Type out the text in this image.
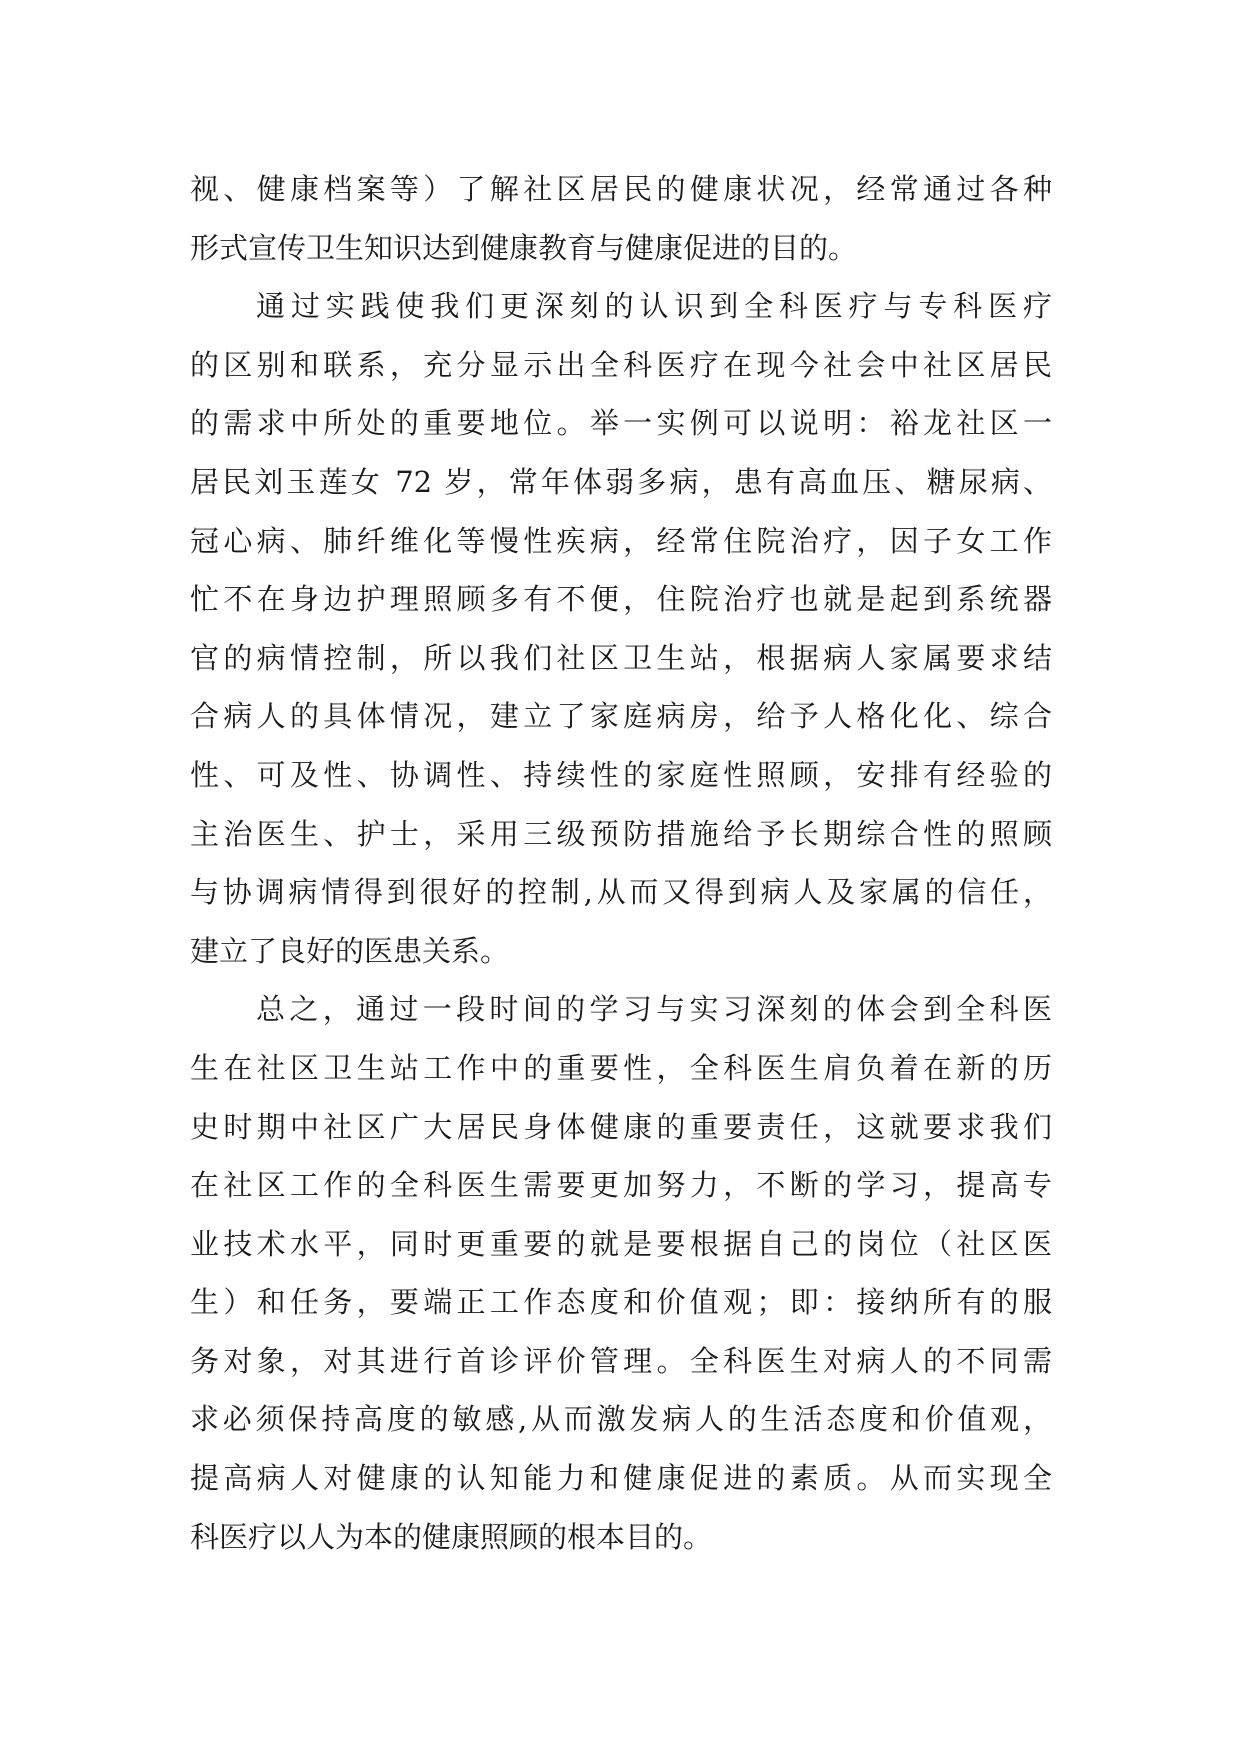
视、健康档案等）了解社区居民的健康状况，经常通过各种
形式宣传卫生知识达到健康教育与健康促进的目的。
通过实践使我们更深刻的认识到全科医疗与专科医疗
的区别和联系，充分显示出全科医疗在现今社会中社区居民
的需求中所处的重要地位。举一实例可以说明：裕龙社区一
居民刘玉莲女 72 岁，常年体弱多病，患有高血压、糖尿病、
冠心病、肺纤维化等慢性疾病，经常住院治疗，因子女工作
忙不在身边护理照顾多有不便，住院治疗也就是起到系统器
官的病情控制，所以我们社区卫生站，根据病人家属要求结
合病人的具体情况，建立了家庭病房，给予人格化化、综合
性、可及性、协调性、持续性的家庭性照顾，安排有经验的
主治医生、护士，采用三级预防措施给予长期综合性的照顾
与协调病情得到很好的控制,从而又得到病人及家属的信任，
建立了良好的医患关系。
总之，通过一段时间的学习与实习深刻的体会到全科医
生在社区卫生站工作中的重要性，全科医生肩负着在新的历
史时期中社区广大居民身体健康的重要责任，这就要求我们
在社区工作的全科医生需要更加努力，不断的学习，提高专
业技术水平，同时更重要的就是要根据自己的岗位（社区医
生）和任务，要端正工作态度和价值观；即：接纳所有的服
务对象，对其进行首诊评价管理。全科医生对病人的不同需
求必须保持高度的敏感,从而激发病人的生活态度和价值观，
提高病人对健康的认知能力和健康促进的素质。从而实现全
科医疗以人为本的健康照顾的根本目的。
